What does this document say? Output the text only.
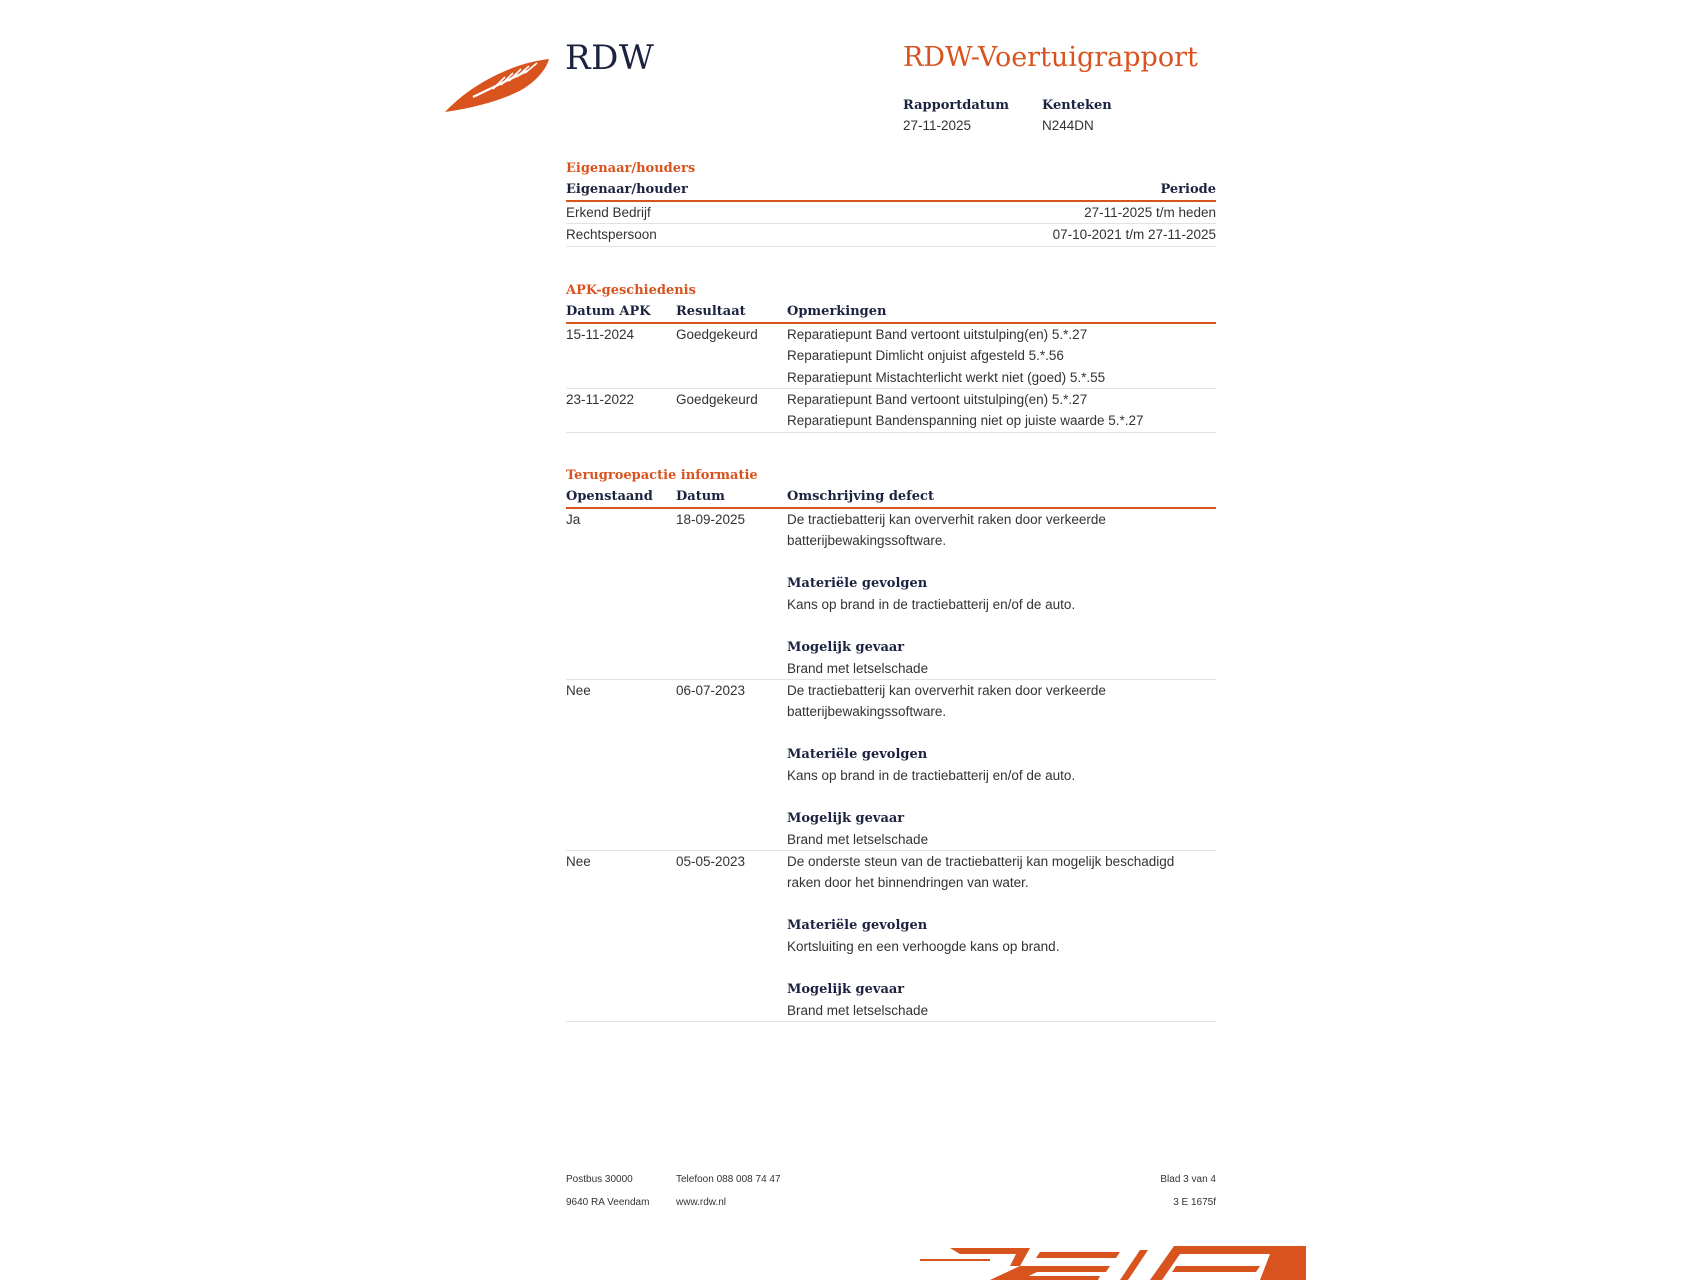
RDW	RDW-Voertuigrapport
Rapportdatum
27-11-2025
Kenteken
N244DN
Eigenaar/houders
Eigenaar/houder	Periode
Erkend Bedrijf	27-11-2025 t/m heden
Rechtspersoon	07-10-2021 t/m 27-11-2025
APK-geschiedenis
Datum APK Resultaat	Opmerkingen
15-11-2024	Goedgekeurd Reparatiepunt Band vertoont uitstulping(en) 5.*.27
Reparatiepunt Dimlicht onjuist afgesteld 5.*.56
Reparatiepunt Mistachterlicht werkt niet (goed) 5.*.55
23-11-2022	Goedgekeurd Reparatiepunt Band vertoont uitstulping(en) 5.*.27
Reparatiepunt Bandenspanning niet op juiste waarde 5.*.27
Terugroepactie informatie
Openstaand Datum	Omschrijving defect
Ja	18-09-2025	De tractiebatterij kan oververhit raken door verkeerde
batterijbewakingssoftware.
Materiële gevolgen
Kans op brand in de tractiebatterij en/of de auto.
Mogelijk gevaar
Brand met letselschade
Nee	06-07-2023	De tractiebatterij kan oververhit raken door verkeerde
batterijbewakingssoftware.
Materiële gevolgen
Kans op brand in de tractiebatterij en/of de auto.
Mogelijk gevaar
Brand met letselschade
Nee	05-05-2023	De onderste steun van de tractiebatterij kan mogelijk beschadigd
raken door het binnendringen van water.
Materiële gevolgen
Kortsluiting en een verhoogde kans op brand.
Mogelijk gevaar
Brand met letselschade
Postbus 30000
9640 RA Veendam
Telefoon 088 008 74 47
www.rdw.nl
Blad 3 van 4
3 E 1675f
